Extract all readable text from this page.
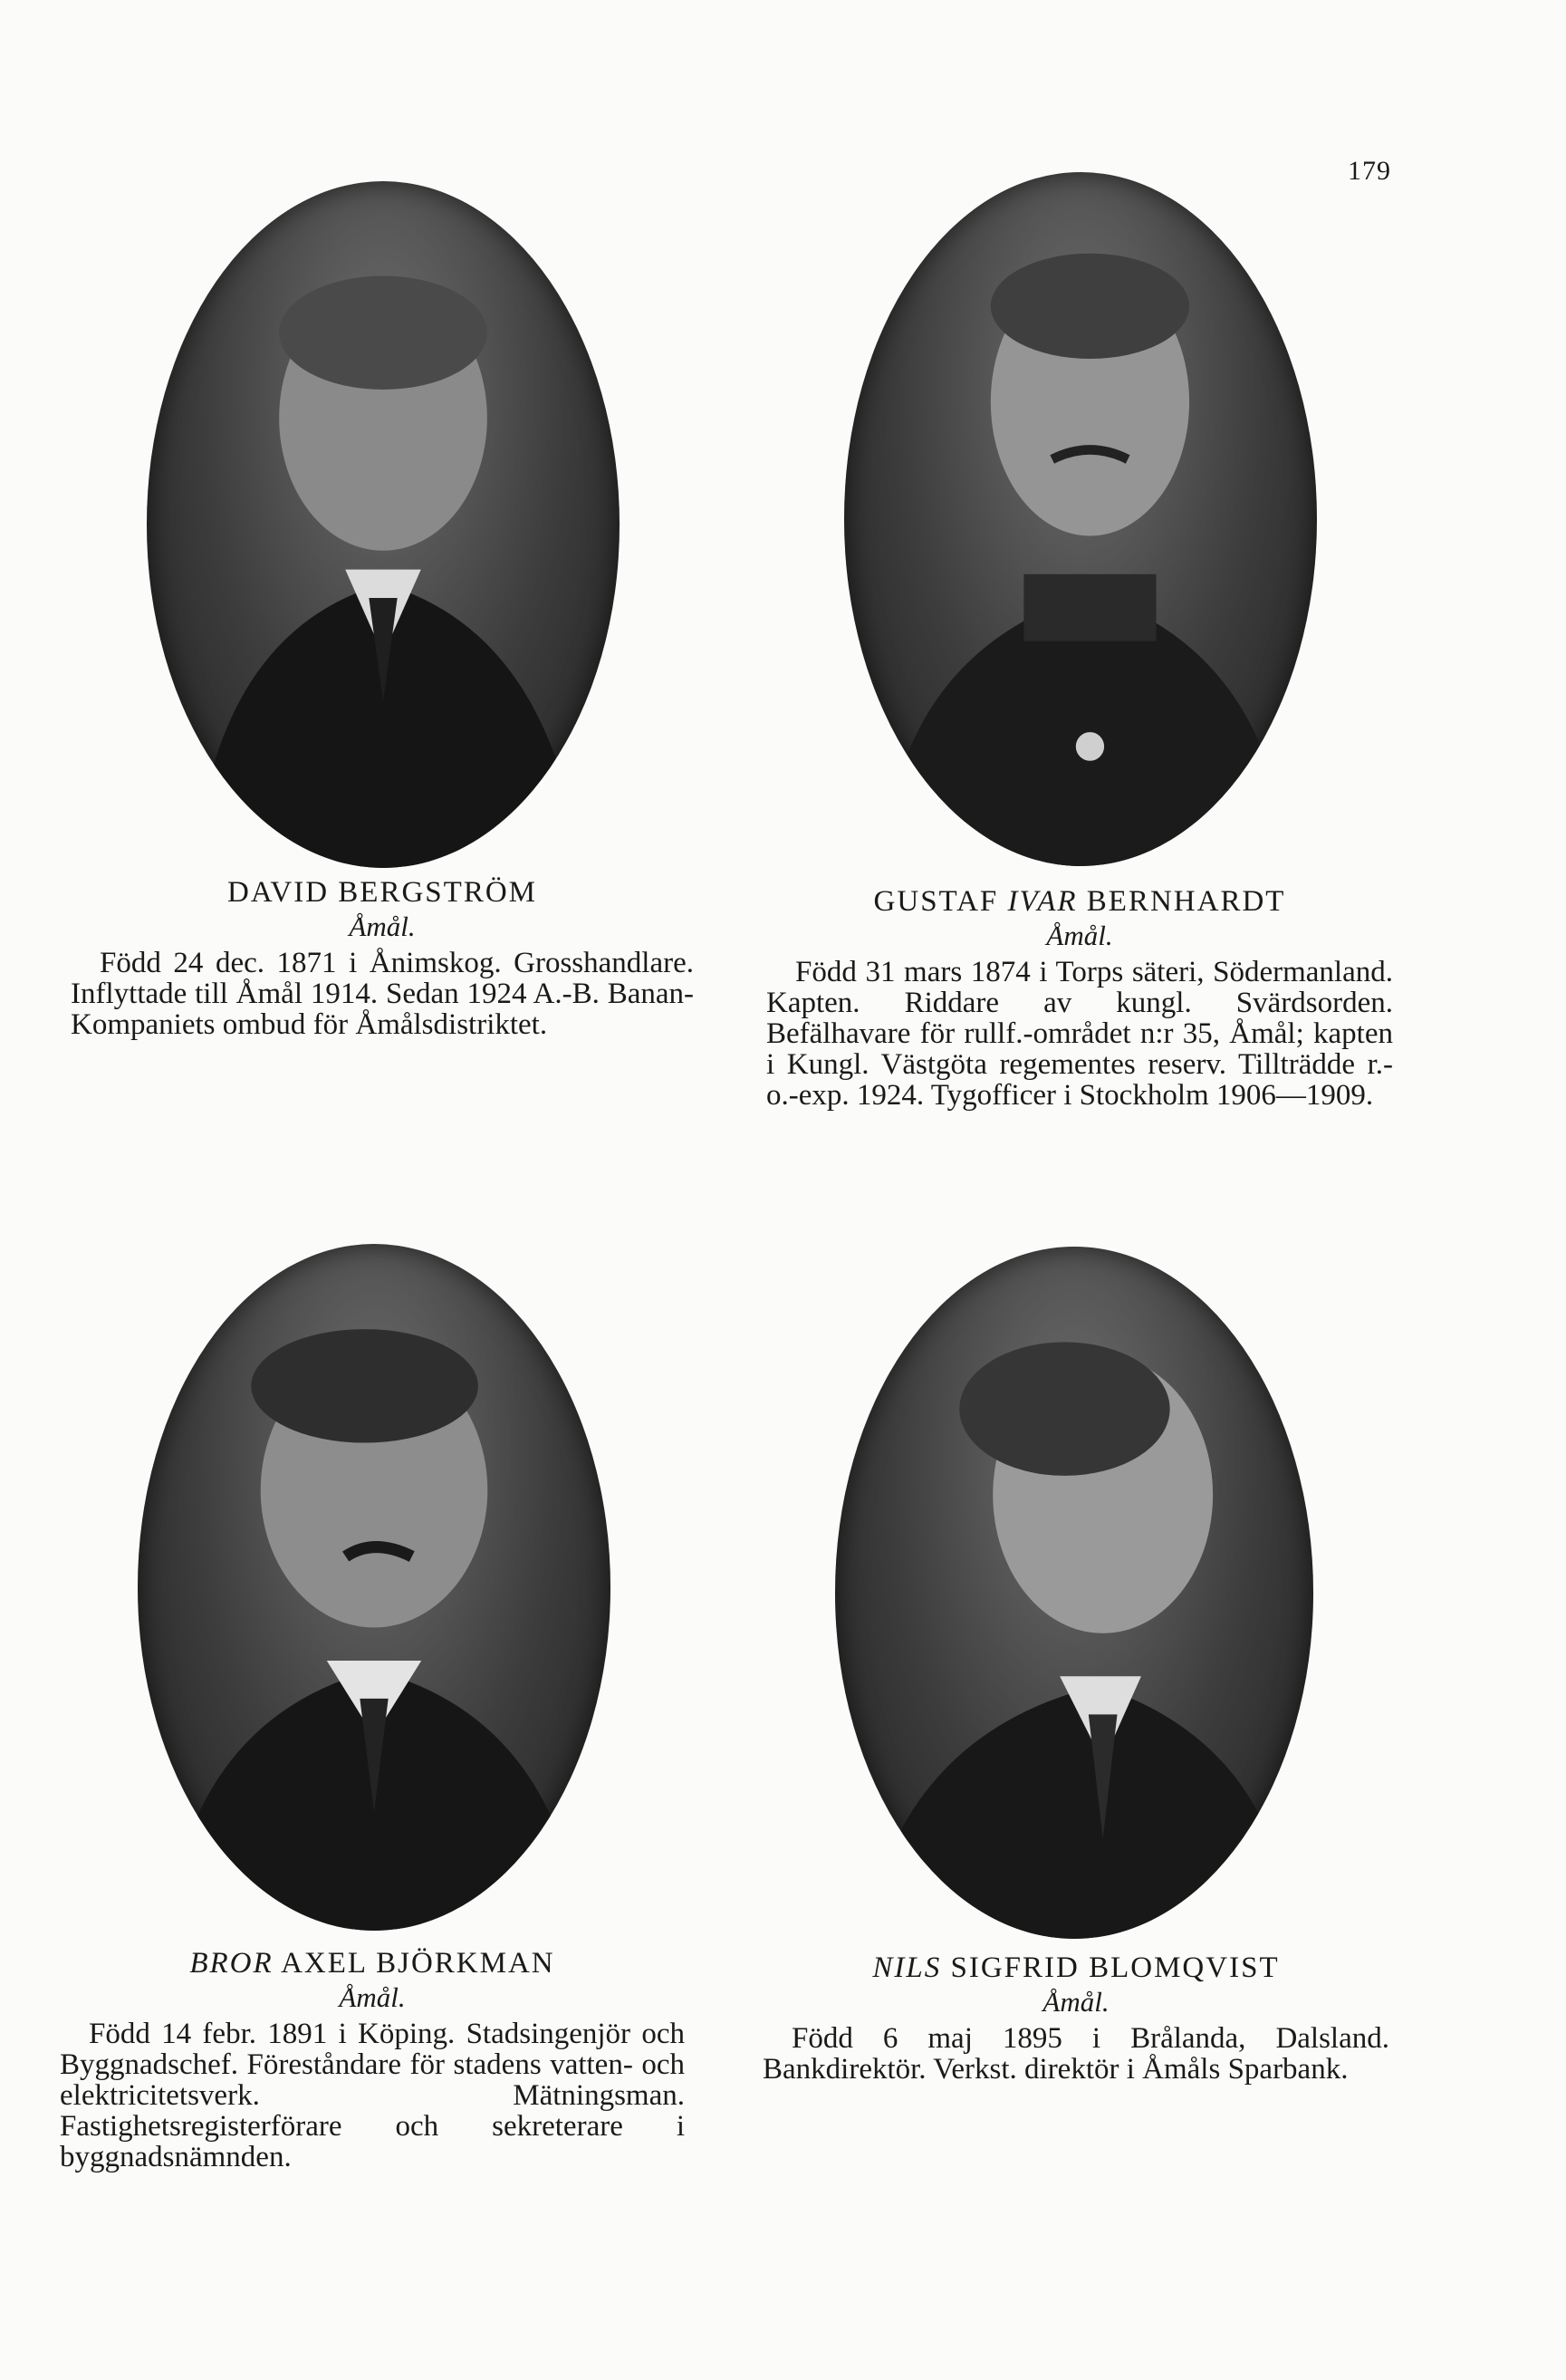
179

DAVID BERGSTRÖM

Åmål.

Född 24 dec. 1871 i Ånimskog. Grosshandlare. Inflyttade till Åmål 1914. Sedan 1924 A.-B. Banan-Kompaniets ombud för Åmålsdistriktet.

GUSTAF IVAR BERNHARDT

Åmål.

Född 31 mars 1874 i Torps säteri, Södermanland. Kapten. Riddare av kungl. Svärdsorden. Befälhavare för rullf.-området n:r 35, Åmål; kapten i Kungl. Västgöta regementes reserv. Tillträdde r.-o.-exp. 1924. Tygofficer i Stockholm 1906—1909.

BROR AXEL BJÖRKMAN

Åmål.

Född 14 febr. 1891 i Köping. Stadsingenjör och Byggnadschef. Föreståndare för stadens vatten- och elektricitetsverk. Mätningsman. Fastighetsregisterförare och sekreterare i byggnadsnämnden.

NILS SIGFRID BLOMQVIST

Åmål.

Född 6 maj 1895 i Brålanda, Dalsland. Bankdirektör. Verkst. direktör i Åmåls Sparbank.
